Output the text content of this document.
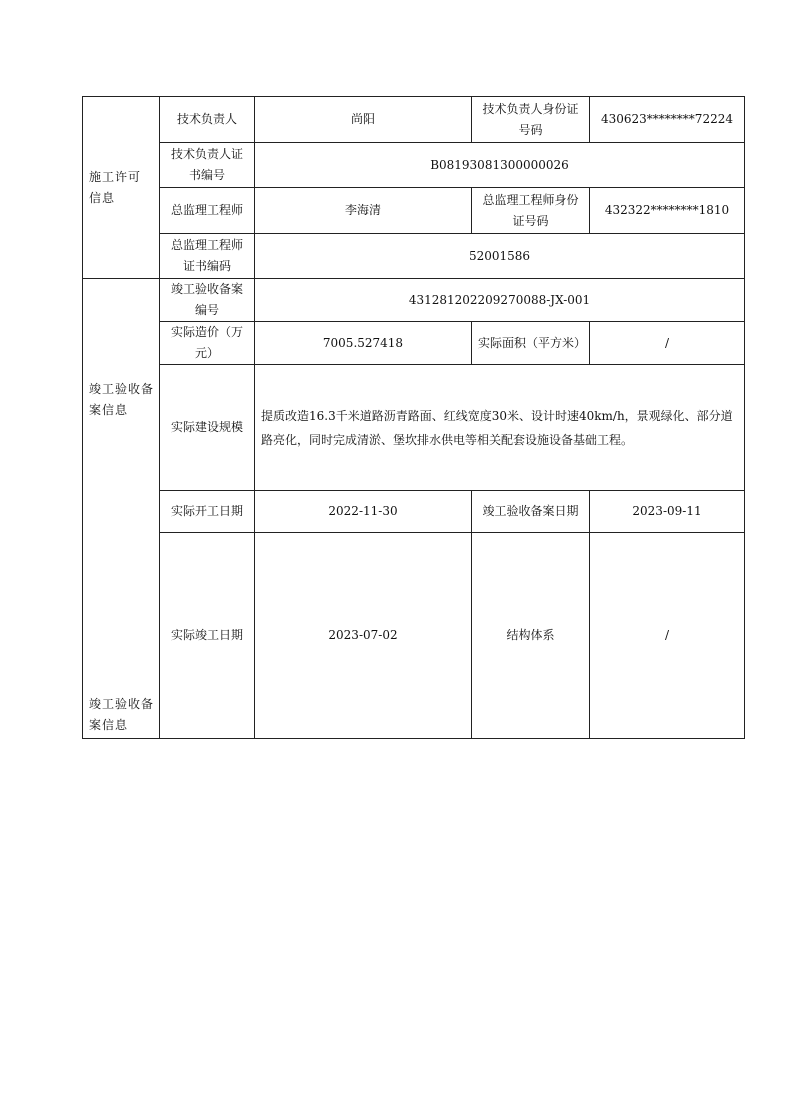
施工许可信息	技术负责人	尚阳	技术负责人身份证号码	430623********72224
	技术负责人证书编号	B08193081300000026		
	总监理工程师	李海清	总监理工程师身份证号码	432322********1810
	总监理工程师证书编码	52001586		

竣工验收备案信息
竣工验收备案信息	竣工验收备案编号	431281202209270088-JX-001		
	实际造价（万元）	7005.527418	实际面积（平方米）	/
	实际建设规模	提质改造16.3千米道路沥青路面、红线宽度30米、设计时速40km/h，景观绿化、部分道路亮化，同时完成清淤、堡坎排水供电等相关配套设施设备基础工程。		
	实际开工日期	2022-11-30	竣工验收备案日期	2023-09-11
	实际竣工日期	2023-07-02	结构体系	/
